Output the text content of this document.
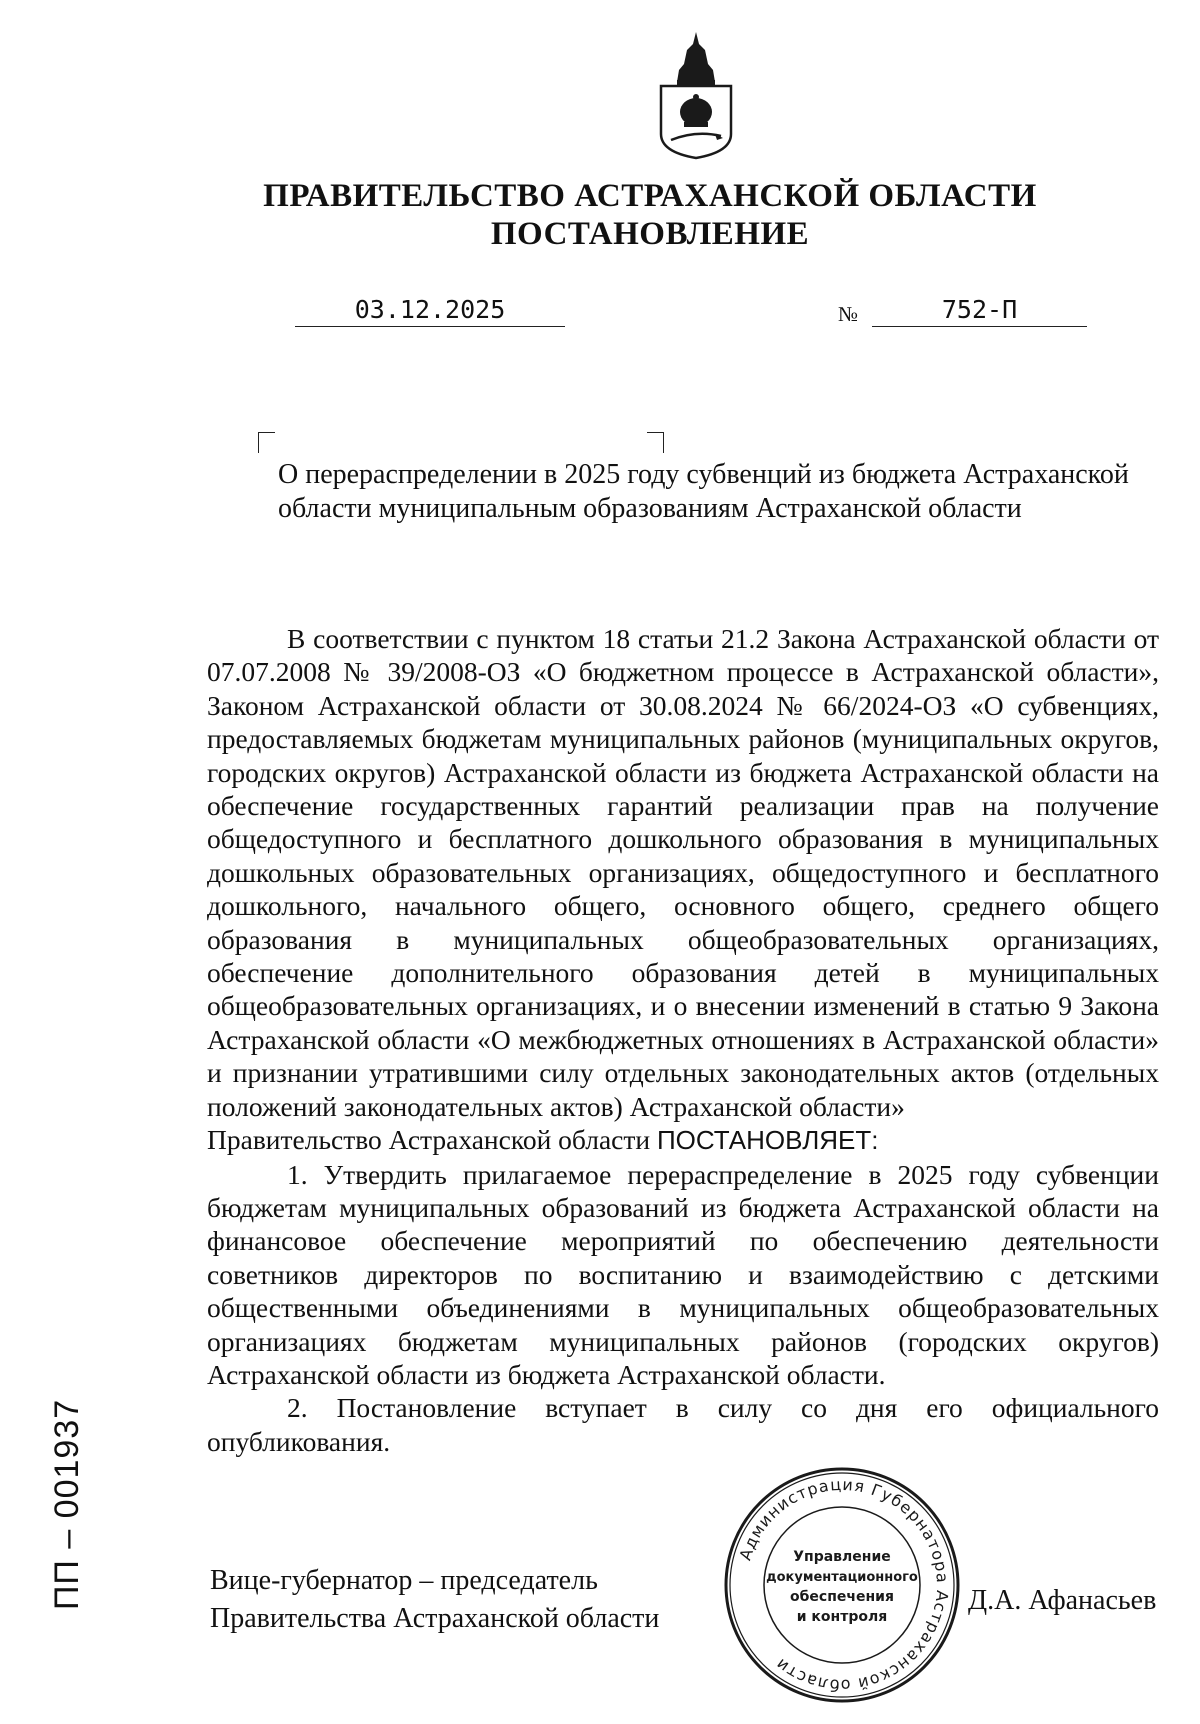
ПРАВИТЕЛЬСТВО АСТРАХАНСКОЙ ОБЛАСТИ
ПОСТАНОВЛЕНИЕ
03.12.2025	№	752-П
О перераспределении в 2025 году субвенций из бюджета Астраханской области муниципальным образованиям Астраханской области

В соответствии с пунктом 18 статьи 21.2 Закона Астраханской области от 07.07.2008 № 39/2008-ОЗ «О бюджетном процессе в Астраханской области», Законом Астраханской области от 30.08.2024 № 66/2024-ОЗ «О субвенциях, предоставляемых бюджетам муниципальных районов (муниципальных округов, городских округов) Астраханской области из бюджета Астраханской области на обеспечение государственных гарантий реализации прав на получение общедоступного и бесплатного дошкольного образования в муниципальных дошкольных образовательных организациях, общедоступного и бесплатного дошкольного, начального общего, основного общего, среднего общего образования в муниципальных общеобразовательных организациях, обеспечение дополнительного образования детей в муниципальных общеобразовательных организациях, и о внесении изменений в статью 9 Закона Астраханской области «О межбюджетных отношениях в Астраханской области» и признании утратившими силу отдельных законодательных актов (отдельных положений законодательных актов) Астраханской области»

Правительство Астраханской области ПОСТАНОВЛЯЕТ:

1. Утвердить прилагаемое перераспределение в 2025 году субвенции бюджетам муниципальных образований из бюджета Астраханской области на финансовое обеспечение мероприятий по обеспечению деятельности советников директоров по воспитанию и взаимодействию с детскими общественными объединениями в муниципальных общеобразовательных организациях бюджетам муниципальных районов (городских округов) Астраханской области из бюджета Астраханской области.

2. Постановление вступает в силу со дня его официального опубликования.

Вице-губернатор – председатель
Правительства Астраханской области
Администрация Губернатора Астраханской области
Управление
документационного
обеспечения
и контроля
Д.А. Афанасьев
ПП – 001937
